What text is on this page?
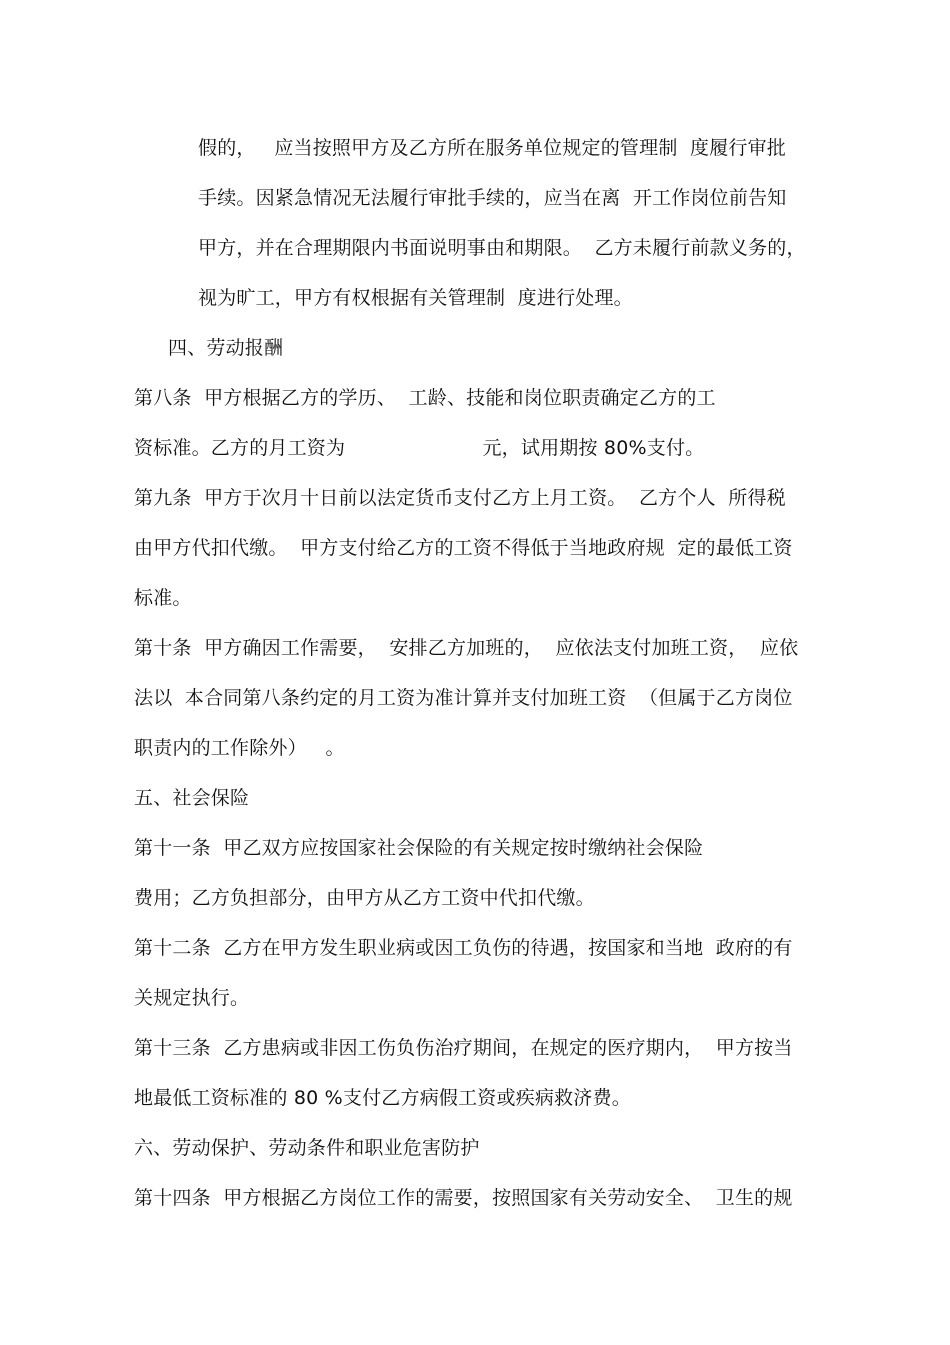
假的，   应当按照甲方及乙方所在服务单位规定的管理制  度履行审批
手续。因紧急情况无法履行审批手续的，应当在离  开工作岗位前告知
甲方，并在合理期限内书面说明事由和期限。  乙方未履行前款义务的，
视为旷工，甲方有权根据有关管理制  度进行处理。
四、劳动报酬
第八条  甲方根据乙方的学历、  工龄、技能和岗位职责确定乙方的工
资标准。乙方的月工资为                      元，试用期按 80%支付。
第九条  甲方于次月十日前以法定货币支付乙方上月工资。  乙方个人  所得税
由甲方代扣代缴。  甲方支付给乙方的工资不得低于当地政府规  定的最低工资
标准。
第十条  甲方确因工作需要，  安排乙方加班的，  应依法支付加班工资，  应依
法以  本合同第八条约定的月工资为准计算并支付加班工资  （但属于乙方岗位
职责内的工作除外）   。
五、社会保险
第十一条  甲乙双方应按国家社会保险的有关规定按时缴纳社会保险
费用；乙方负担部分，由甲方从乙方工资中代扣代缴。
第十二条  乙方在甲方发生职业病或因工负伤的待遇，按国家和当地  政府的有
关规定执行。
第十三条  乙方患病或非因工伤负伤治疗期间，在规定的医疗期内，  甲方按当
地最低工资标准的 80 %支付乙方病假工资或疾病救济费。
六、劳动保护、劳动条件和职业危害防护
第十四条  甲方根据乙方岗位工作的需要，按照国家有关劳动安全、  卫生的规
